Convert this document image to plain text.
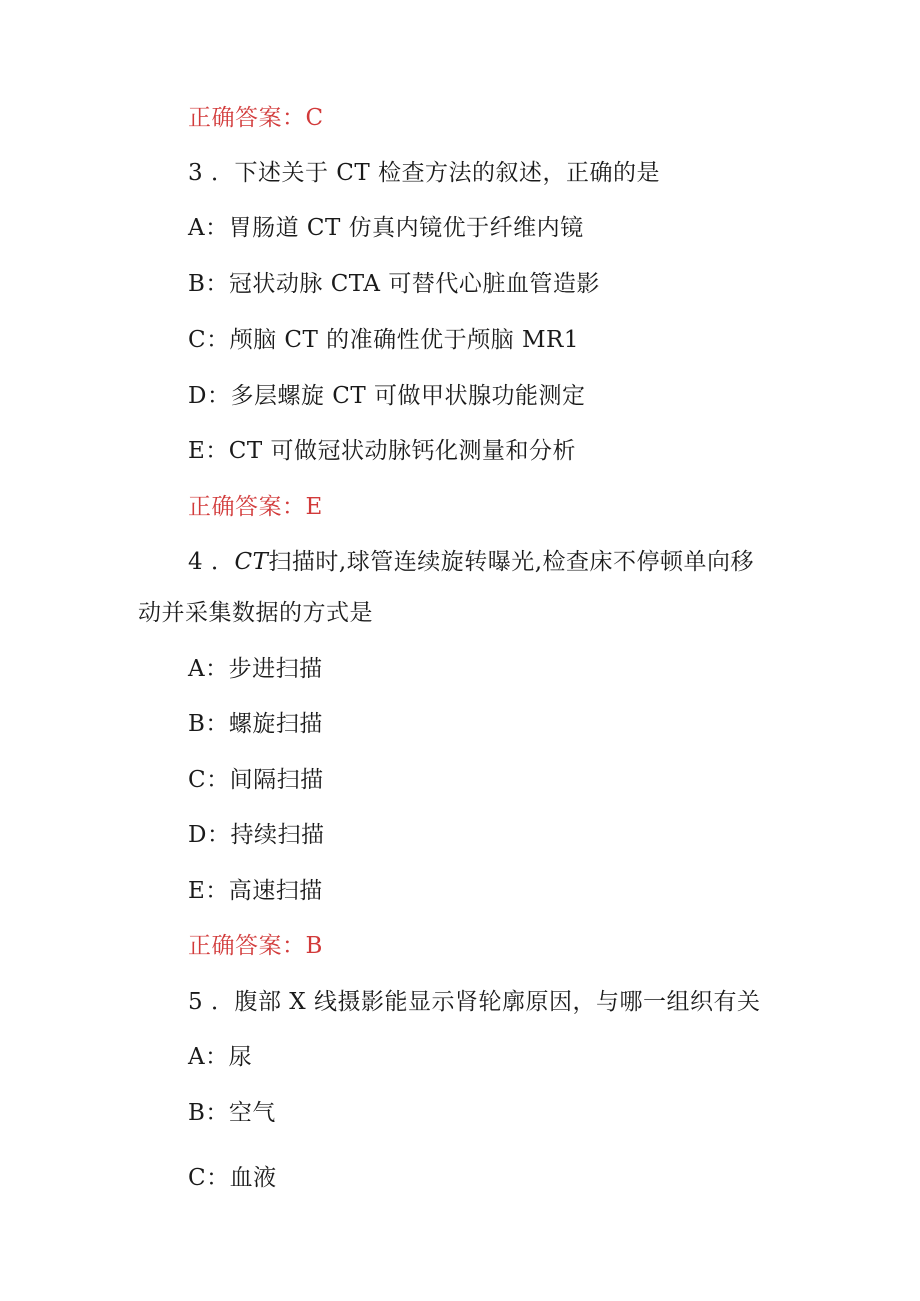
正确答案：C
3 ．下述关于 CT 检查方法的叙述，正确的是
A：胃肠道 CT 仿真内镜优于纤维内镜
B：冠状动脉 CTA 可替代心脏血管造影
C：颅脑 CT 的准确性优于颅脑 MR1
D：多层螺旋 CT 可做甲状腺功能测定
E：CT 可做冠状动脉钙化测量和分析
正确答案：E
4 ．CT扫描时,球管连续旋转曝光,检查床不停顿单向移
动并采集数据的方式是
A：步进扫描
B：螺旋扫描
C：间隔扫描
D：持续扫描
E：高速扫描
正确答案：B
5 ．腹部 X 线摄影能显示肾轮廓原因，与哪一组织有关
A：尿
B：空气
C：血液
